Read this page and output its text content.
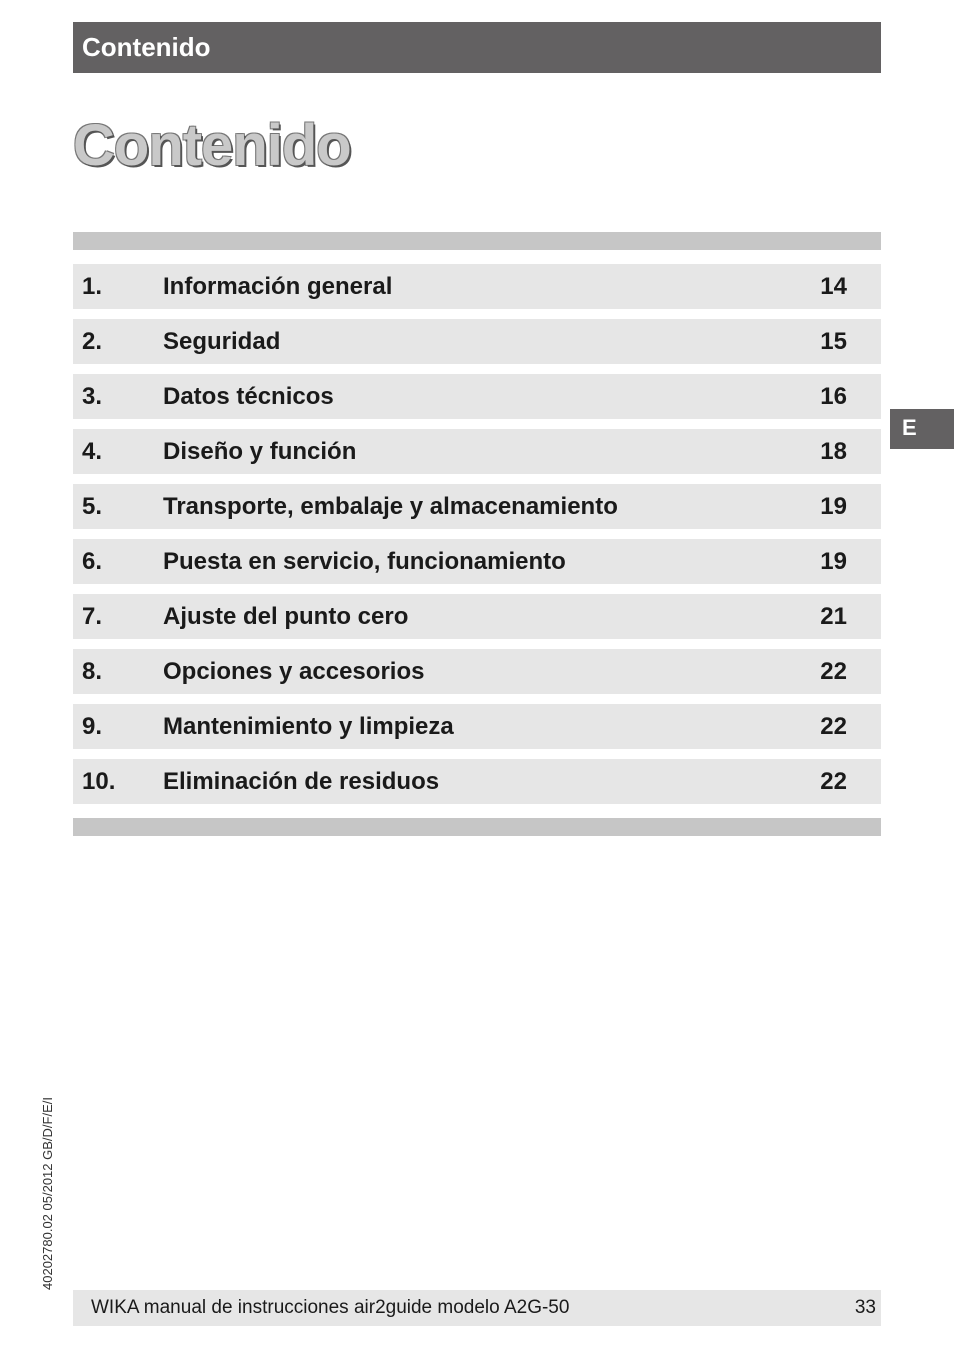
Contenido
Contenido
1.	Información general	14
2.	Seguridad	15
3.	Datos técnicos	16
4.	Diseño y función	18
5.	Transporte, embalaje y almacenamiento	19
6.	Puesta en servicio, funcionamiento	19
7.	Ajuste del punto cero	21
8.	Opciones y accesorios	22
9.	Mantenimiento y limpieza	22
10. Eliminación de residuos	22
E
40202780.02 05/2012 GB/D/F/E/I
WIKA manual de instrucciones air2guide modelo A2G-50	33
